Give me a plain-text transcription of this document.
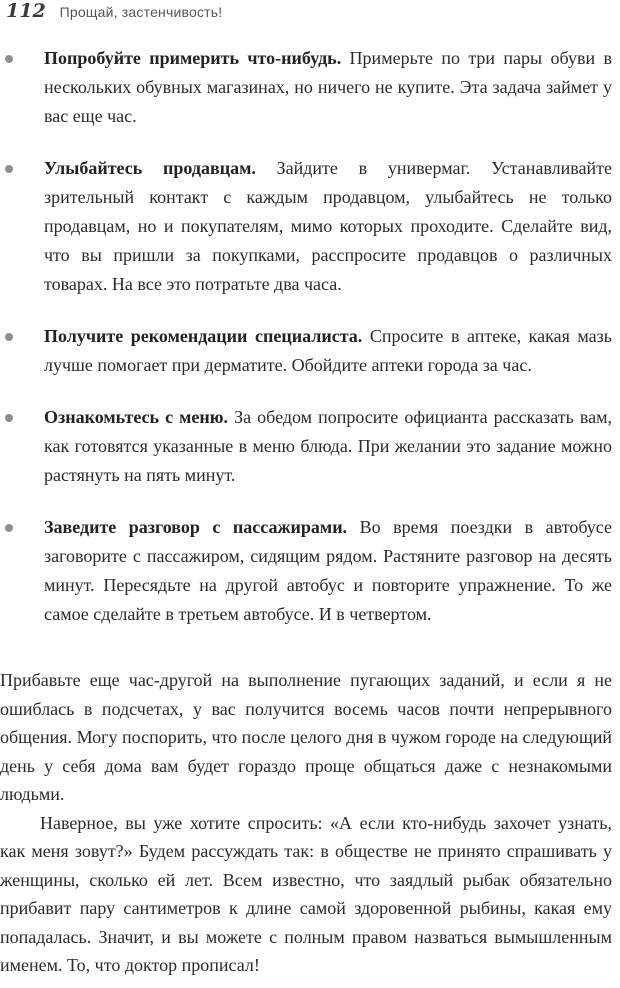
112 Прощай, застенчивость!
Попробуйте примерить что-нибудь. Примерьте по три пары обуви в нескольких обувных магазинах, но ничего не купите. Эта задача займет у вас еще час.
Улыбайтесь продавцам. Зайдите в универмаг. Устанавливайте зрительный контакт с каждым продавцом, улыбайтесь не только продавцам, но и покупателям, мимо которых проходите. Сделайте вид, что вы пришли за покупками, расспросите продавцов о различных товарах. На все это потратьте два часа.
Получите рекомендации специалиста. Спросите в аптеке, какая мазь лучше помогает при дерматите. Обойдите аптеки города за час.
Ознакомьтесь с меню. За обедом попросите официанта рассказать вам, как готовятся указанные в меню блюда. При желании это задание можно растянуть на пять минут.
Заведите разговор с пассажирами. Во время поездки в автобусе заговорите с пассажиром, сидящим рядом. Растяните разговор на десять минут. Пересядьте на другой автобус и повторите упражнение. То же самое сделайте в третьем автобусе. И в четвертом.

Прибавьте еще час-другой на выполнение пугающих заданий, и если я не ошиблась в подсчетах, у вас получится восемь часов почти непрерывного общения. Могу поспорить, что после целого дня в чужом городе на следующий день у себя дома вам будет гораздо проще общаться даже с незнакомыми людьми.

Наверное, вы уже хотите спросить: «А если кто-нибудь захочет узнать, как меня зовут?» Будем рассуждать так: в обществе не принято спрашивать у женщины, сколько ей лет. Всем известно, что заядлый рыбак обязательно прибавит пару сантиметров к длине самой здоровенной рыбины, какая ему попадалась. Значит, и вы можете с полным правом назваться вымышленным именем. То, что доктор прописал!
